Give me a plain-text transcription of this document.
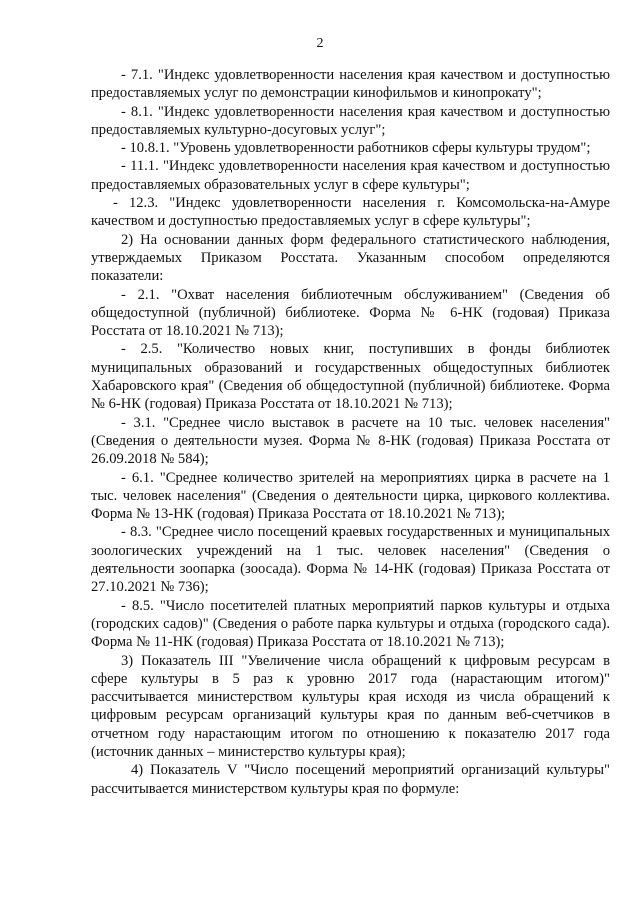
2

- 7.1. "Индекс удовлетворенности населения края качеством и доступностью предоставляемых услуг по демонстрации кинофильмов и кинопрокату";

- 8.1. "Индекс удовлетворенности населения края качеством и доступностью предоставляемых культурно-досуговых услуг";

- 10.8.1. "Уровень удовлетворенности работников сферы культуры трудом";

- 11.1. "Индекс удовлетворенности населения края качеством и доступностью предоставляемых образовательных услуг в сфере культуры";

- 12.3. "Индекс удовлетворенности населения г. Комсомольска-на-Амуре качеством и доступностью предоставляемых услуг в сфере культуры";

2) На основании данных форм федерального статистического наблюдения, утверждаемых Приказом Росстата. Указанным способом определяются показатели:

- 2.1. "Охват населения библиотечным обслуживанием" (Сведения об общедоступной (публичной) библиотеке. Форма № 6-НК (годовая) Приказа Росстата от 18.10.2021 № 713);

- 2.5. "Количество новых книг, поступивших в фонды библиотек муниципальных образований и государственных общедоступных библиотек Хабаровского края" (Сведения об общедоступной (публичной) библиотеке. Форма № 6-НК (годовая) Приказа Росстата от 18.10.2021 № 713);

- 3.1. "Среднее число выставок в расчете на 10 тыс. человек населения" (Сведения о деятельности музея. Форма № 8-НК (годовая) Приказа Росстата от 26.09.2018 № 584);

- 6.1. "Среднее количество зрителей на мероприятиях цирка в расчете на 1 тыс. человек населения" (Сведения о деятельности цирка, циркового коллектива. Форма № 13-НК (годовая) Приказа Росстата от 18.10.2021 № 713);

- 8.3. "Среднее число посещений краевых государственных и муниципальных зоологических учреждений на 1 тыс. человек населения" (Сведения о деятельности зоопарка (зоосада). Форма № 14-НК (годовая) Приказа Росстата от 27.10.2021 № 736);

- 8.5. "Число посетителей платных мероприятий парков культуры и отдыха (городских садов)" (Сведения о работе парка культуры и отдыха (городского сада). Форма № 11-НК (годовая) Приказа Росстата от 18.10.2021 № 713);

3) Показатель III "Увеличение числа обращений к цифровым ресурсам в сфере культуры в 5 раз к уровню 2017 года (нарастающим итогом)" рассчитывается министерством культуры края исходя из числа обращений к цифровым ресурсам организаций культуры края по данным веб-счетчиков в отчетном году нарастающим итогом по отношению к показателю 2017 года (источник данных – министерство культуры края);

4) Показатель V "Число посещений мероприятий организаций культуры" рассчитывается министерством культуры края по формуле:
